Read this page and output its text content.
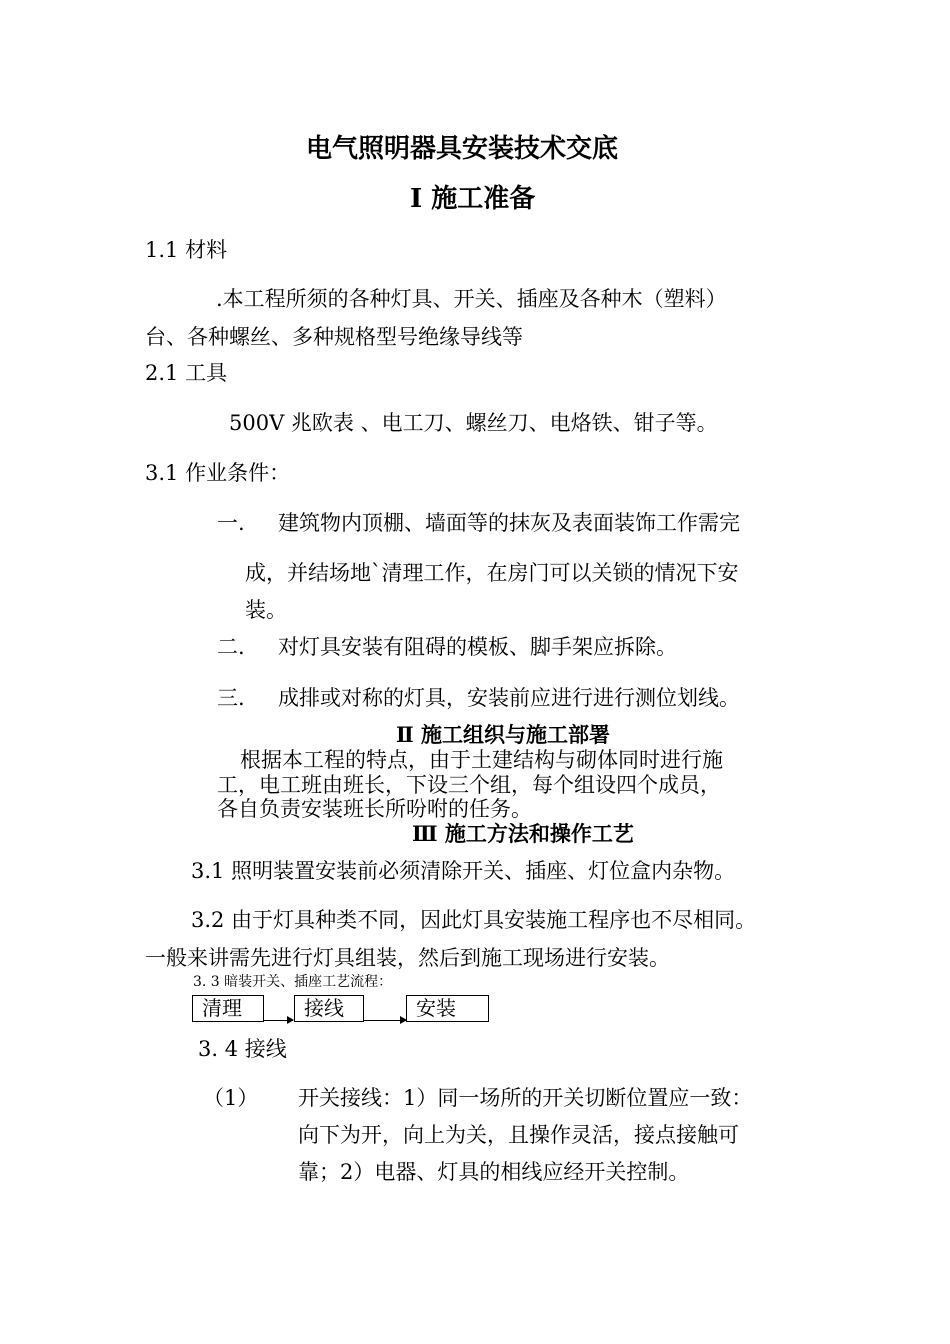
电气照明器具安装技术交底
Ⅰ 施工准备
1.1 材料
.本工程所须的各种灯具、开关、插座及各种木（塑料）
台、各种螺丝、多种规格型号绝缘导线等
2.1 工具
500V 兆欧表 、电工刀、螺丝刀、电烙铁、钳子等。
3.1 作业条件：
一. 建筑物内顶棚、墙面等的抹灰及表面装饰工作需完
成，并结场地`清理工作，在房门可以关锁的情况下安
装。
二. 对灯具安装有阻碍的模板、脚手架应拆除。
三. 成排或对称的灯具，安装前应进行进行测位划线。
Ⅱ 施工组织与施工部署
根据本工程的特点，由于土建结构与砌体同时进行施
工，电工班由班长，下设三个组，每个组设四个成员，
各自负责安装班长所吩咐的任务。
Ⅲ 施工方法和操作工艺
3.1 照明装置安装前必须清除开关、插座、灯位盒内杂物。
3.2 由于灯具种类不同，因此灯具安装施工程序也不尽相同。
一般来讲需先进行灯具组装，然后到施工现场进行安装。
3. 3 暗装开关、插座工艺流程：
清理	接线	安装
3. 4 接线
（1） 开关接线：1）同一场所的开关切断位置应一致：
向下为开，向上为关，且操作灵活，接点接触可
靠；2）电器、灯具的相线应经开关控制。
